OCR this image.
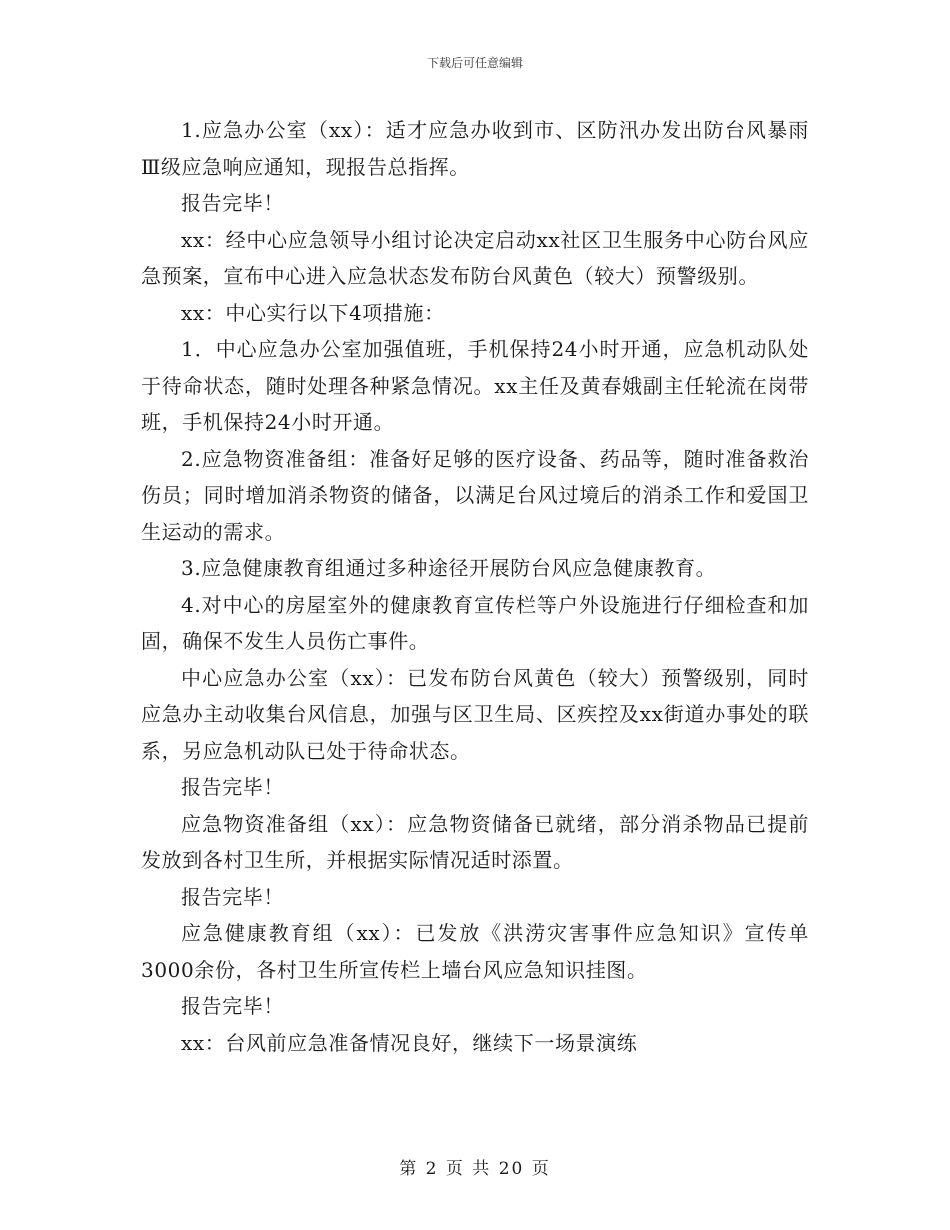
下载后可任意编辑

1.应急办公室（xx）：适才应急办收到市、区防汛办发出防台风暴雨Ⅲ级应急响应通知，现报告总指挥。

报告完毕！

xx：经中心应急领导小组讨论决定启动xx社区卫生服务中心防台风应急预案，宣布中心进入应急状态发布防台风黄色（较大）预警级别。

xx：中心实行以下4项措施：

1．中心应急办公室加强值班，手机保持24小时开通，应急机动队处于待命状态，随时处理各种紧急情况。xx主任及黄春娥副主任轮流在岗带班，手机保持24小时开通。

2.应急物资准备组：准备好足够的医疗设备、药品等，随时准备救治伤员；同时增加消杀物资的储备，以满足台风过境后的消杀工作和爱国卫生运动的需求。

3.应急健康教育组通过多种途径开展防台风应急健康教育。

4.对中心的房屋室外的健康教育宣传栏等户外设施进行仔细检查和加固，确保不发生人员伤亡事件。

中心应急办公室（xx）：已发布防台风黄色（较大）预警级别，同时应急办主动收集台风信息，加强与区卫生局、区疾控及xx街道办事处的联系，另应急机动队已处于待命状态。

报告完毕！

应急物资准备组（xx）：应急物资储备已就绪，部分消杀物品已提前发放到各村卫生所，并根据实际情况适时添置。

报告完毕！

应急健康教育组（xx）：已发放《洪涝灾害事件应急知识》宣传单3000余份，各村卫生所宣传栏上墙台风应急知识挂图。

报告完毕！

xx：台风前应急准备情况良好，继续下一场景演练

第 2 页 共 20 页
